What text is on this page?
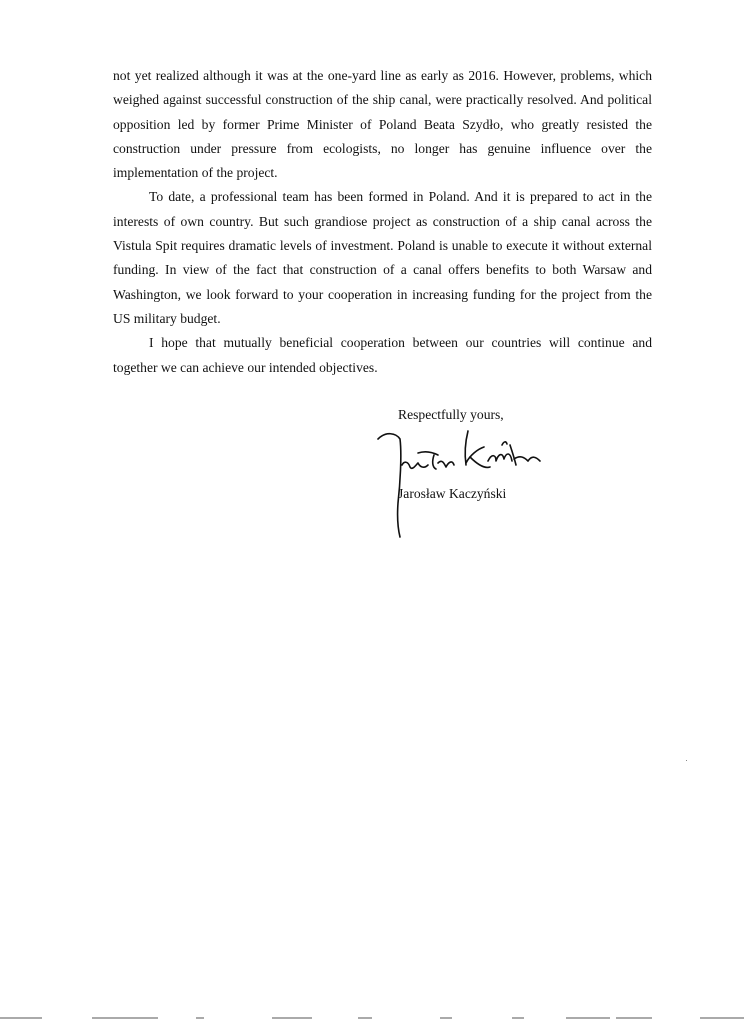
not yet realized although it was at the one-yard line as early as 2016. However, problems, which weighed against successful construction of the ship canal, were practically resolved. And political opposition led by former Prime Minister of Poland Beata Szydło, who greatly resisted the construction under pressure from ecologists, no longer has genuine influence over the implementation of the project.

To date, a professional team has been formed in Poland. And it is prepared to act in the interests of own country. But such grandiose project as construction of a ship canal across the Vistula Spit requires dramatic levels of investment. Poland is unable to execute it without external funding. In view of the fact that construction of a canal offers benefits to both Warsaw and Washington, we look forward to your cooperation in increasing funding for the project from the US military budget.

I hope that mutually beneficial cooperation between our countries will continue and together we can achieve our intended objectives.

Respectfully yours,
Jarosław Kaczyński
